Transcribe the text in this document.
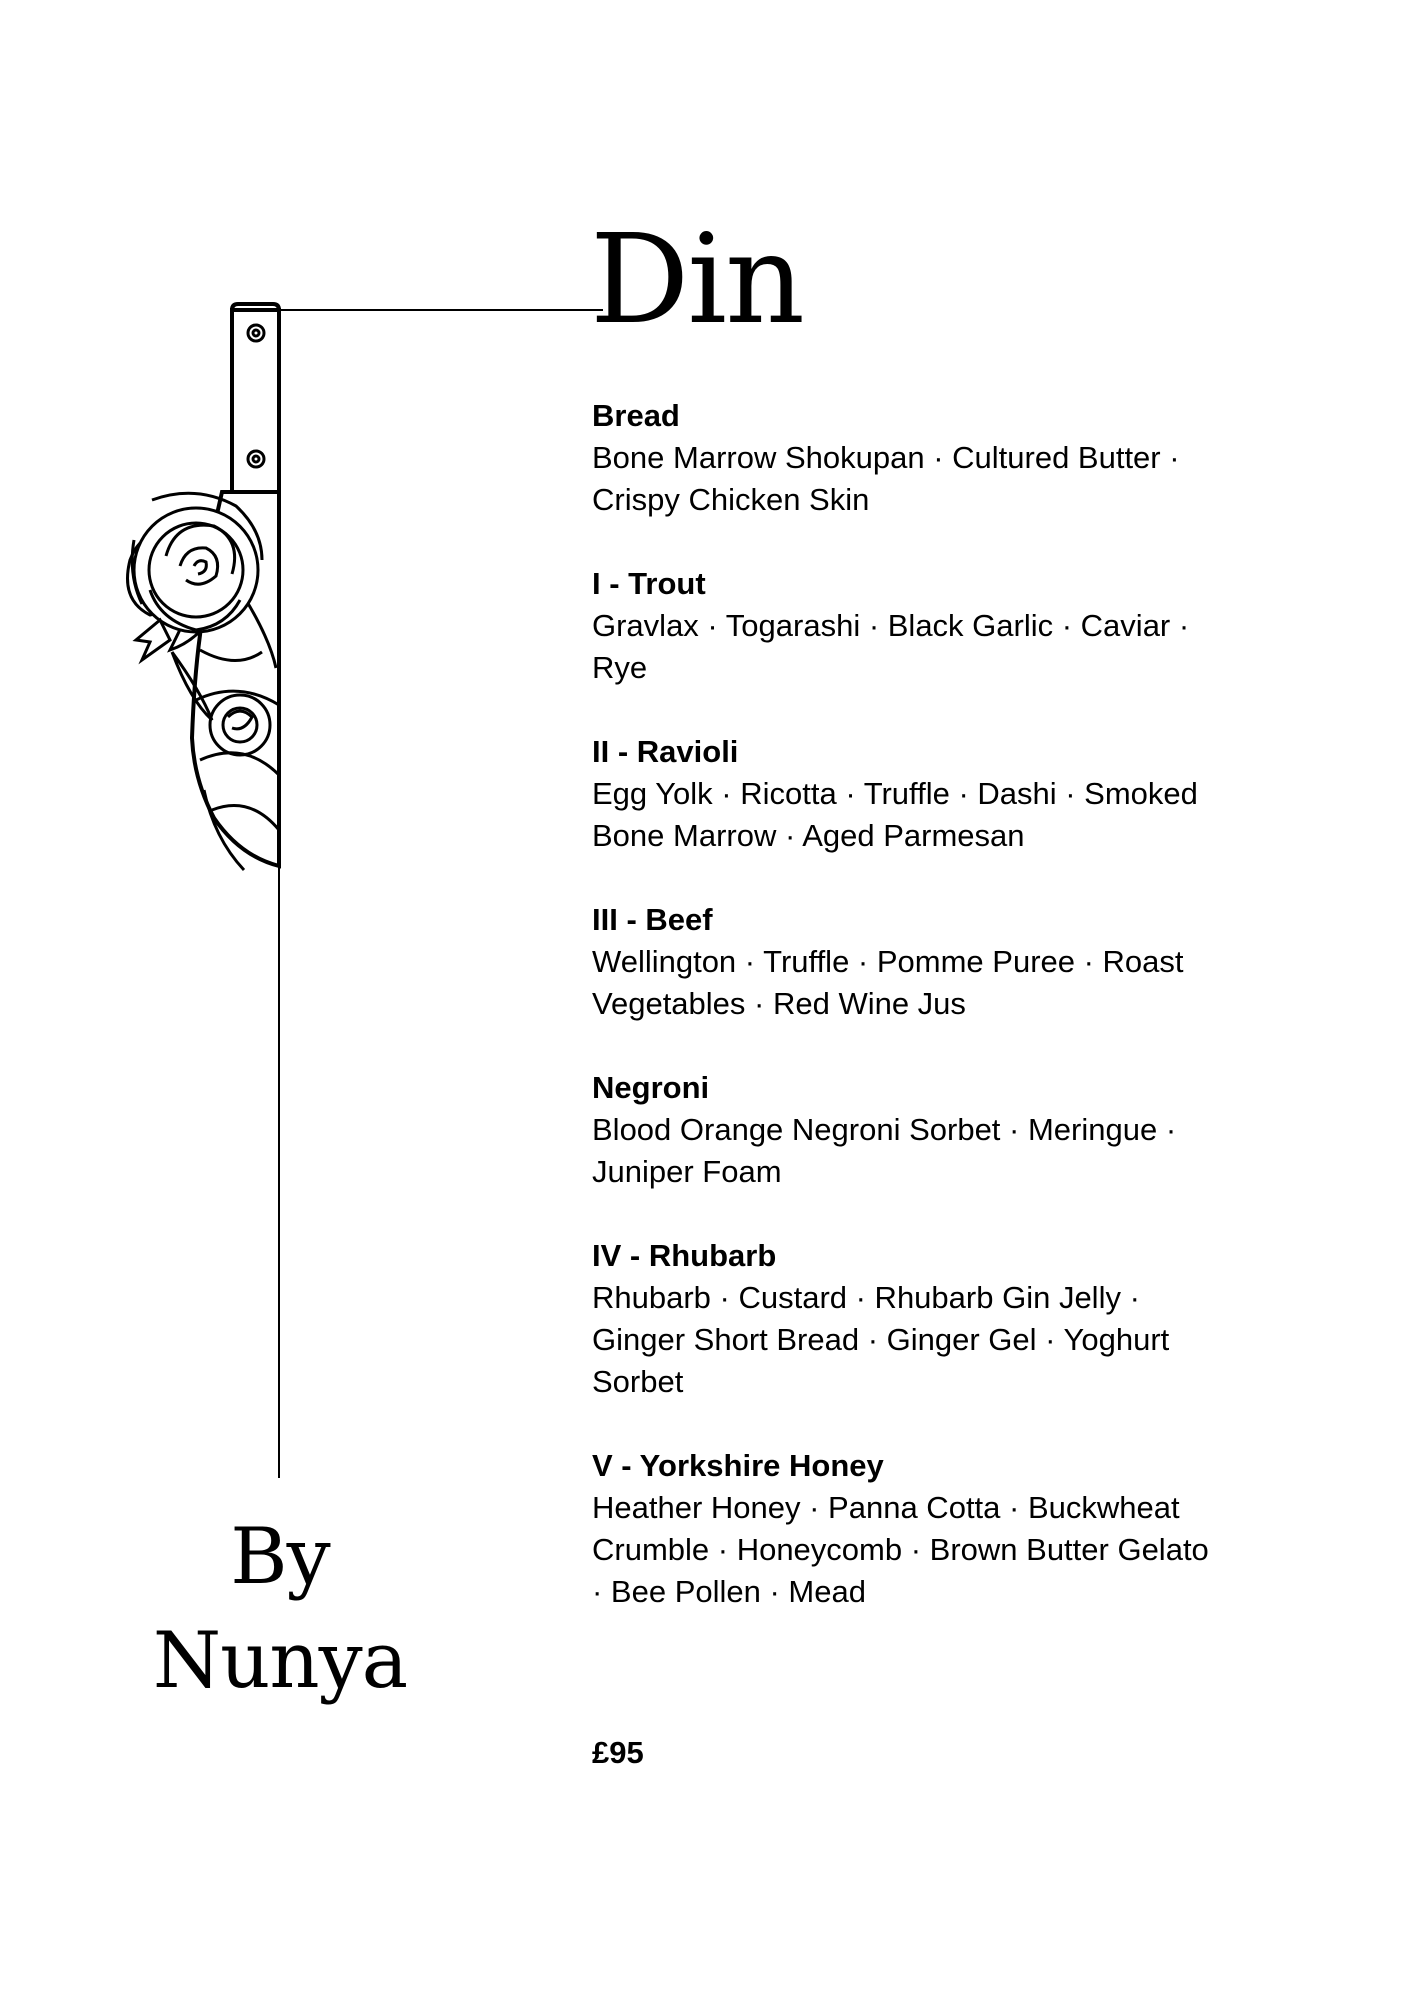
Din
By
Nunya
Bread
Bone Marrow Shokupan · Cultured Butter · Crispy Chicken Skin
I - Trout
Gravlax · Togarashi · Black Garlic · Caviar · Rye
II - Ravioli
Egg Yolk · Ricotta · Truffle · Dashi · Smoked Bone Marrow · Aged Parmesan
III - Beef
Wellington · Truffle · Pomme Puree · Roast Vegetables · Red Wine Jus
Negroni
Blood Orange Negroni Sorbet · Meringue · Juniper Foam
IV - Rhubarb
Rhubarb · Custard · Rhubarb Gin Jelly · Ginger Short Bread · Ginger Gel · Yoghurt Sorbet
V - Yorkshire Honey
Heather Honey · Panna Cotta · Buckwheat Crumble · Honeycomb · Brown Butter Gelato · Bee Pollen · Mead
£95
